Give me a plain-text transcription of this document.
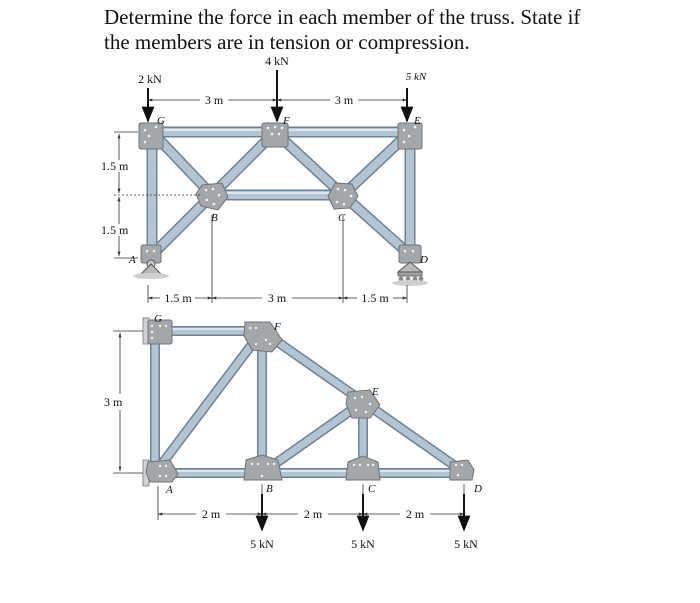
Determine the force in each member of the truss. State if
the members are in tension or compression.
2 kN
4 kN
5 kN
G	F	E
B	C
A	D
3 m	3 m
1.5 m
1.5 m
1.5 m	3 m	1.5 m
G
F
E
A	B	C	D
3 m
2 m	2 m	2 m
5 kN	5 kN	5 kN
